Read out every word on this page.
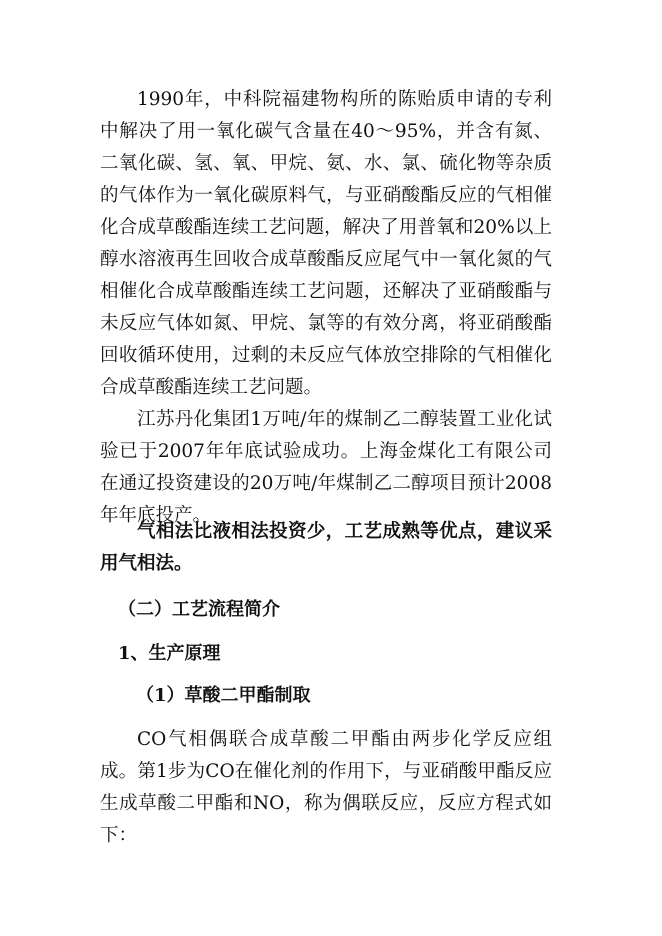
1990年，中科院福建物构所的陈贻质申请的专利中解决了用一氧化碳气含量在40～95%，并含有氮、二氧化碳、氢、氧、甲烷、氨、水、氯、硫化物等杂质的气体作为一氧化碳原料气，与亚硝酸酯反应的气相催化合成草酸酯连续工艺问题，解决了用普氧和20%以上醇水溶液再生回收合成草酸酯反应尾气中一氧化氮的气相催化合成草酸酯连续工艺问题，还解决了亚硝酸酯与未反应气体如氮、甲烷、氯等的有效分离，将亚硝酸酯回收循环使用，过剩的未反应气体放空排除的气相催化合成草酸酯连续工艺问题。

江苏丹化集团1万吨/年的煤制乙二醇装置工业化试验已于2007年年底试验成功。上海金煤化工有限公司在通辽投资建设的20万吨/年煤制乙二醇项目预计2008年年底投产。

气相法比液相法投资少，工艺成熟等优点，建议采用气相法。

（二）工艺流程简介
1、生产原理
（1）草酸二甲酯制取

CO气相偶联合成草酸二甲酯由两步化学反应组成。第1步为CO在催化剂的作用下，与亚硝酸甲酯反应生成草酸二甲酯和NO，称为偶联反应，反应方程式如下：
